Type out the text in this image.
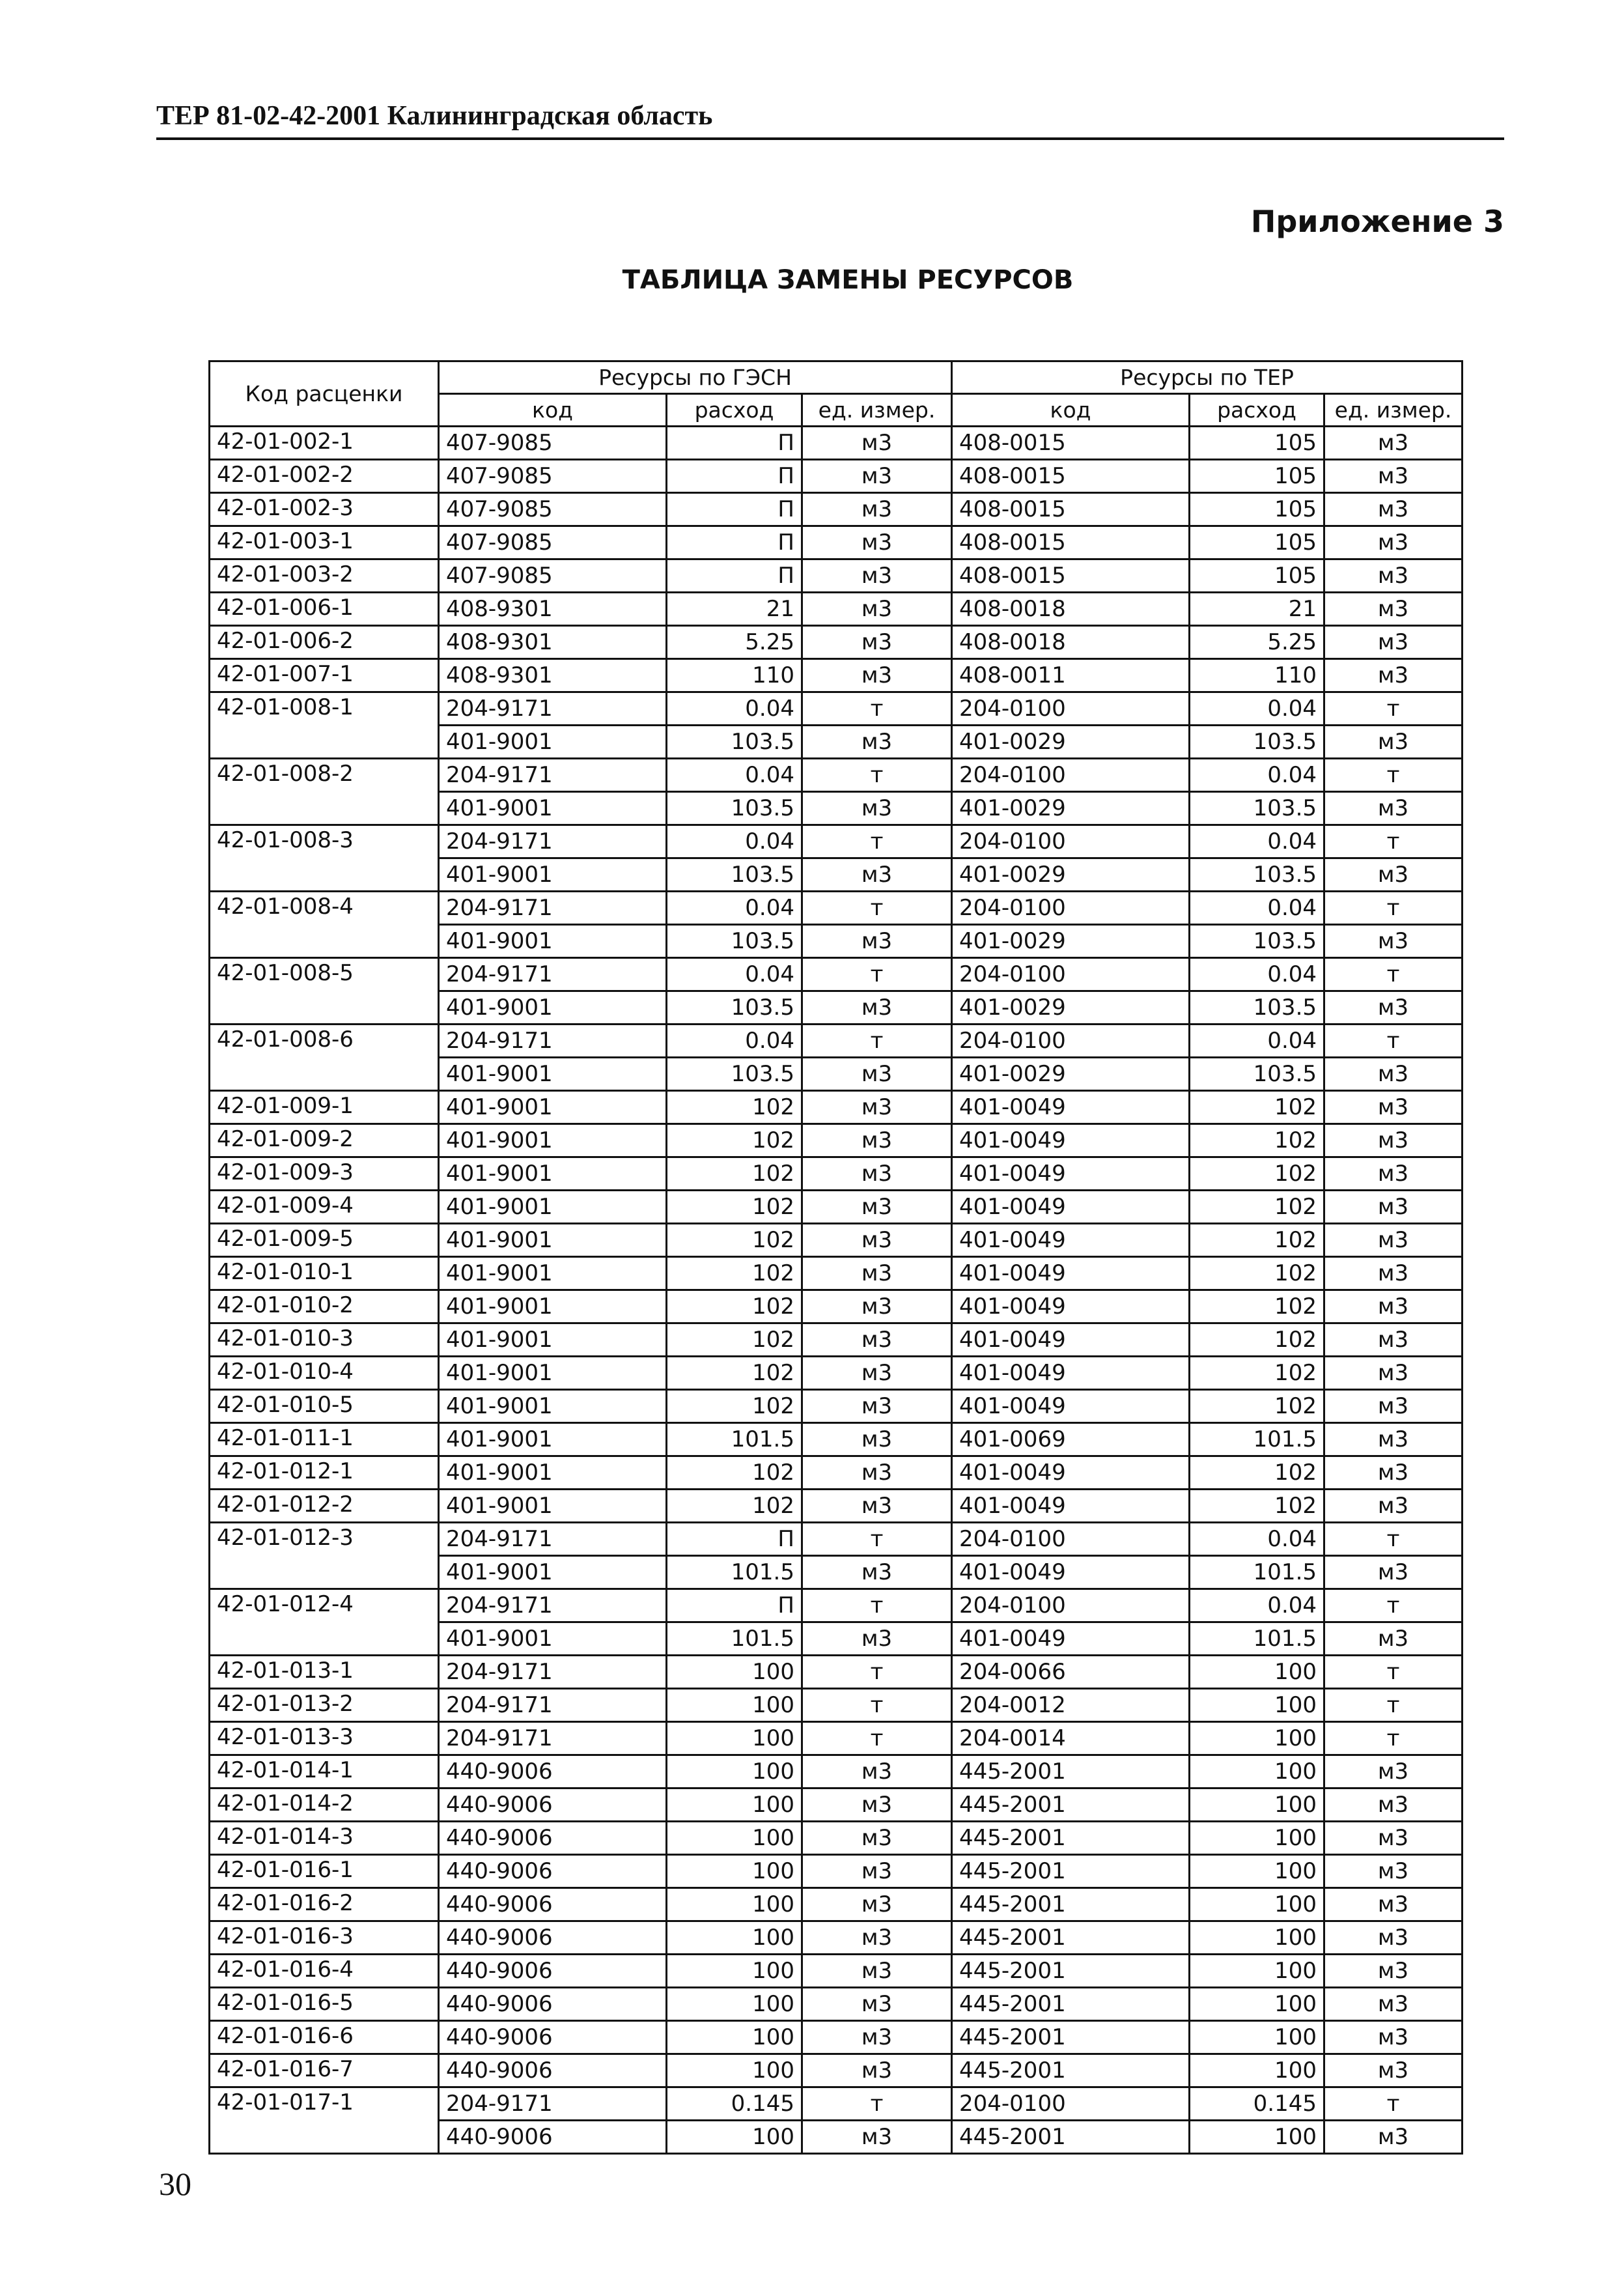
ТЕР 81-02-42-2001 Калининградская область
Приложение 3
ТАБЛИЦА ЗАМЕНЫ РЕСУРСОВ
Код расценки	Ресурсы по ГЭСН			Ресурсы по ТЕР		
	код	расход	ед. измер.	код	расход	ед. измер.
42-01-002-1	407-9085	П	м3	408-0015	105	м3
42-01-002-2	407-9085	П	м3	408-0015	105	м3
42-01-002-3	407-9085	П	м3	408-0015	105	м3
42-01-003-1	407-9085	П	м3	408-0015	105	м3
42-01-003-2	407-9085	П	м3	408-0015	105	м3
42-01-006-1	408-9301	21	м3	408-0018	21	м3
42-01-006-2	408-9301	5.25	м3	408-0018	5.25	м3
42-01-007-1	408-9301	110	м3	408-0011	110	м3
42-01-008-1	204-9171	0.04	т	204-0100	0.04	т
	401-9001	103.5	м3	401-0029	103.5	м3
42-01-008-2	204-9171	0.04	т	204-0100	0.04	т
	401-9001	103.5	м3	401-0029	103.5	м3
42-01-008-3	204-9171	0.04	т	204-0100	0.04	т
	401-9001	103.5	м3	401-0029	103.5	м3
42-01-008-4	204-9171	0.04	т	204-0100	0.04	т
	401-9001	103.5	м3	401-0029	103.5	м3
42-01-008-5	204-9171	0.04	т	204-0100	0.04	т
	401-9001	103.5	м3	401-0029	103.5	м3
42-01-008-6	204-9171	0.04	т	204-0100	0.04	т
	401-9001	103.5	м3	401-0029	103.5	м3
42-01-009-1	401-9001	102	м3	401-0049	102	м3
42-01-009-2	401-9001	102	м3	401-0049	102	м3
42-01-009-3	401-9001	102	м3	401-0049	102	м3
42-01-009-4	401-9001	102	м3	401-0049	102	м3
42-01-009-5	401-9001	102	м3	401-0049	102	м3
42-01-010-1	401-9001	102	м3	401-0049	102	м3
42-01-010-2	401-9001	102	м3	401-0049	102	м3
42-01-010-3	401-9001	102	м3	401-0049	102	м3
42-01-010-4	401-9001	102	м3	401-0049	102	м3
42-01-010-5	401-9001	102	м3	401-0049	102	м3
42-01-011-1	401-9001	101.5	м3	401-0069	101.5	м3
42-01-012-1	401-9001	102	м3	401-0049	102	м3
42-01-012-2	401-9001	102	м3	401-0049	102	м3
42-01-012-3	204-9171	П	т	204-0100	0.04	т
	401-9001	101.5	м3	401-0049	101.5	м3
42-01-012-4	204-9171	П	т	204-0100	0.04	т
	401-9001	101.5	м3	401-0049	101.5	м3
42-01-013-1	204-9171	100	т	204-0066	100	т
42-01-013-2	204-9171	100	т	204-0012	100	т
42-01-013-3	204-9171	100	т	204-0014	100	т
42-01-014-1	440-9006	100	м3	445-2001	100	м3
42-01-014-2	440-9006	100	м3	445-2001	100	м3
42-01-014-3	440-9006	100	м3	445-2001	100	м3
42-01-016-1	440-9006	100	м3	445-2001	100	м3
42-01-016-2	440-9006	100	м3	445-2001	100	м3
42-01-016-3	440-9006	100	м3	445-2001	100	м3
42-01-016-4	440-9006	100	м3	445-2001	100	м3
42-01-016-5	440-9006	100	м3	445-2001	100	м3
42-01-016-6	440-9006	100	м3	445-2001	100	м3
42-01-016-7	440-9006	100	м3	445-2001	100	м3
42-01-017-1	204-9171	0.145	т	204-0100	0.145	т
	440-9006	100	м3	445-2001	100	м3
30
